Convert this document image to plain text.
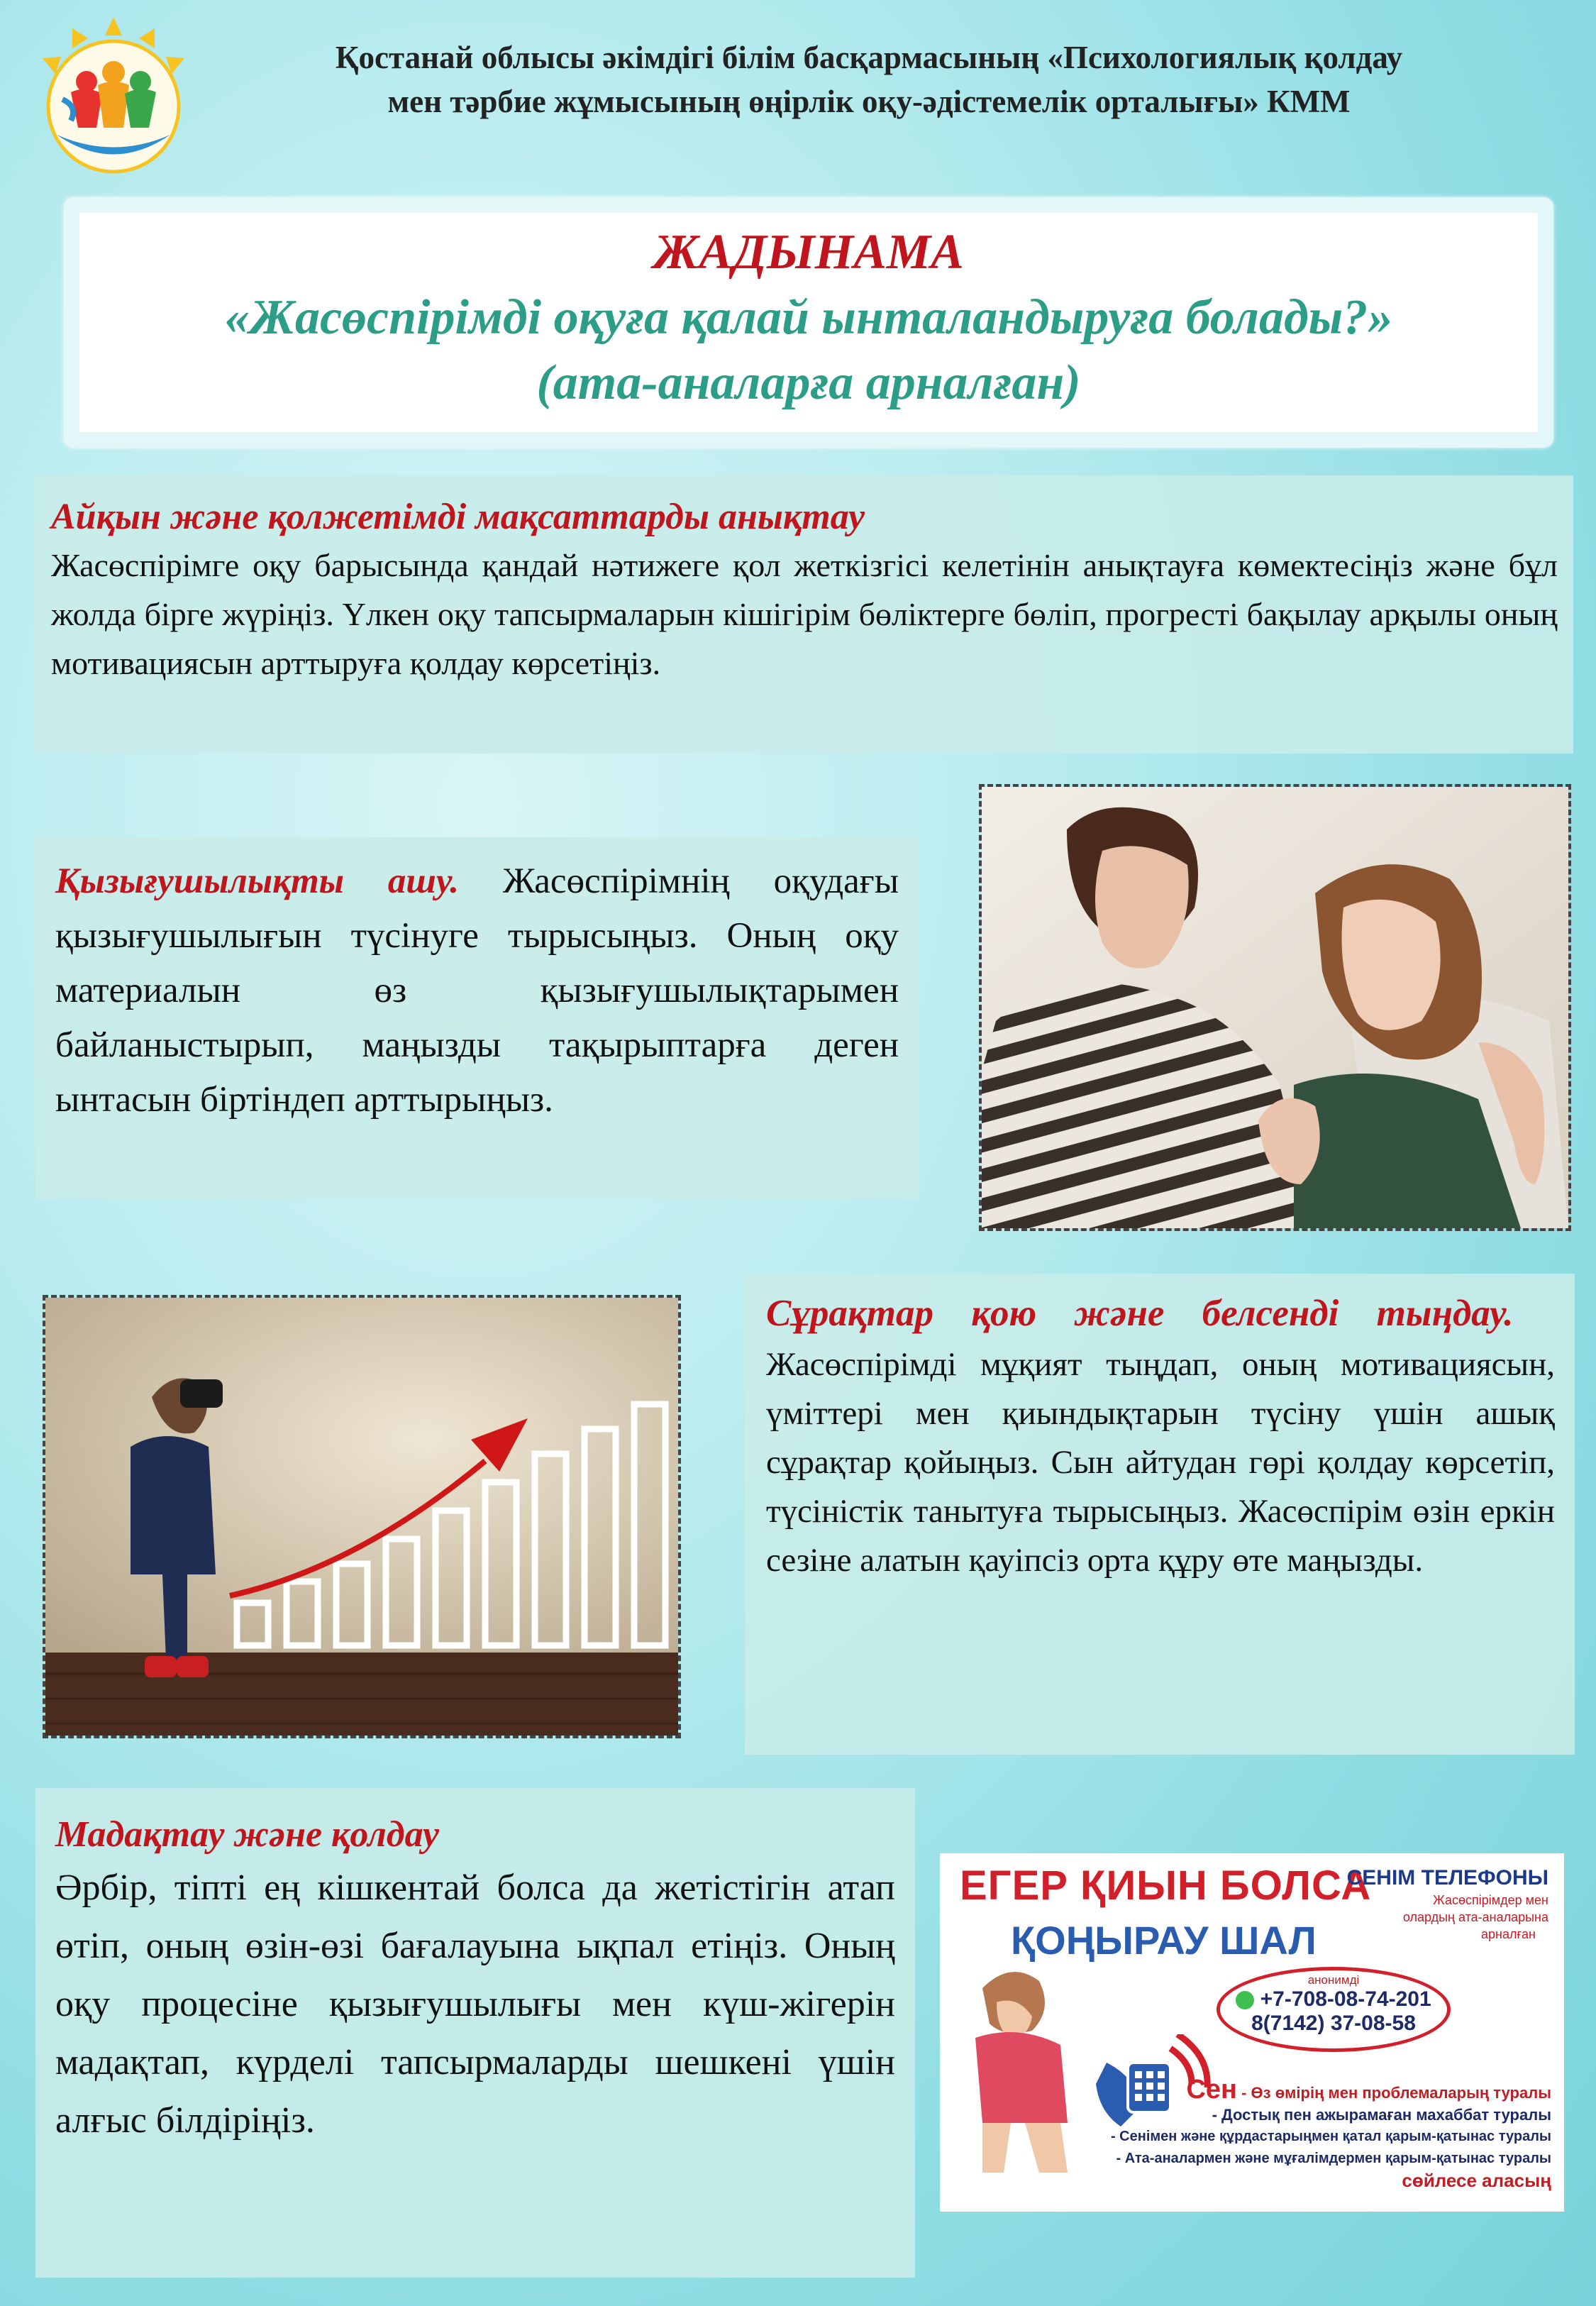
Қостанай облысы әкімдігі білім басқармасының «Психологиялық қолдау
мен тәрбие жұмысының өңірлік оқу-әдістемелік орталығы» КММ
ЖАДЫНАМА
«Жасөспірімді оқуға қалай ынталандыруға болады?»
(ата-аналарға арналған)
Айқын және қолжетімді мақсаттарды анықтау
Жасөспірімге оқу барысында қандай нәтижеге қол жеткізгісі келетінін анықтауға көмектесіңіз және бұл жолда бірге жүріңіз. Үлкен оқу тапсырмаларын кішігірім бөліктерге бөліп, прогресті бақылау арқылы оның мотивациясын арттыруға қолдау көрсетіңіз.
Қызығушылықты ашу. Жасөспірімнің оқудағы қызығушылығын түсінуге тырысыңыз. Оның оқу материалын өз қызығушылықтарымен байланыстырып, маңызды тақырыптарға деген ынтасын біртіндеп арттырыңыз.
Сұрақтар қою және белсенді тыңдау.
Жасөспірімді мұқият тыңдап, оның мотивациясын, үміттері мен қиындықтарын түсіну үшін ашық сұрақтар қойыңыз. Сын айтудан гөрі қолдау көрсетіп, түсіністік танытуға тырысыңыз. Жасөспірім өзін еркін сезіне алатын қауіпсіз орта құру өте маңызды.
Мадақтау және қолдау
Әрбір, тіпті ең кішкентай болса да жетістігін атап өтіп, оның өзін-өзі бағалауына ықпал етіңіз. Оның оқу процесіне қызығушылығы мен күш-жігерін мадақтап, күрделі тапсырмаларды шешкені үшін алғыс білдіріңіз.
ЕГЕР ҚИЫН БОЛСА
ҚОҢЫРАУ ШАЛ
СЕНІМ ТЕЛЕФОНЫ
Жасөспірімдер мен
олардың ата-аналарына
арналған
анонимді
+7-708-08-74-201
8(7142) 37-08-58
Сен - Өз өмірің мен проблемаларың туралы
- Достық пен ажырамаған махаббат туралы
- Сенімен және құрдастарыңмен қатал қарым-қатынас туралы
- Ата-аналармен және мұғалімдермен қарым-қатынас туралы
сөйлесе аласың
